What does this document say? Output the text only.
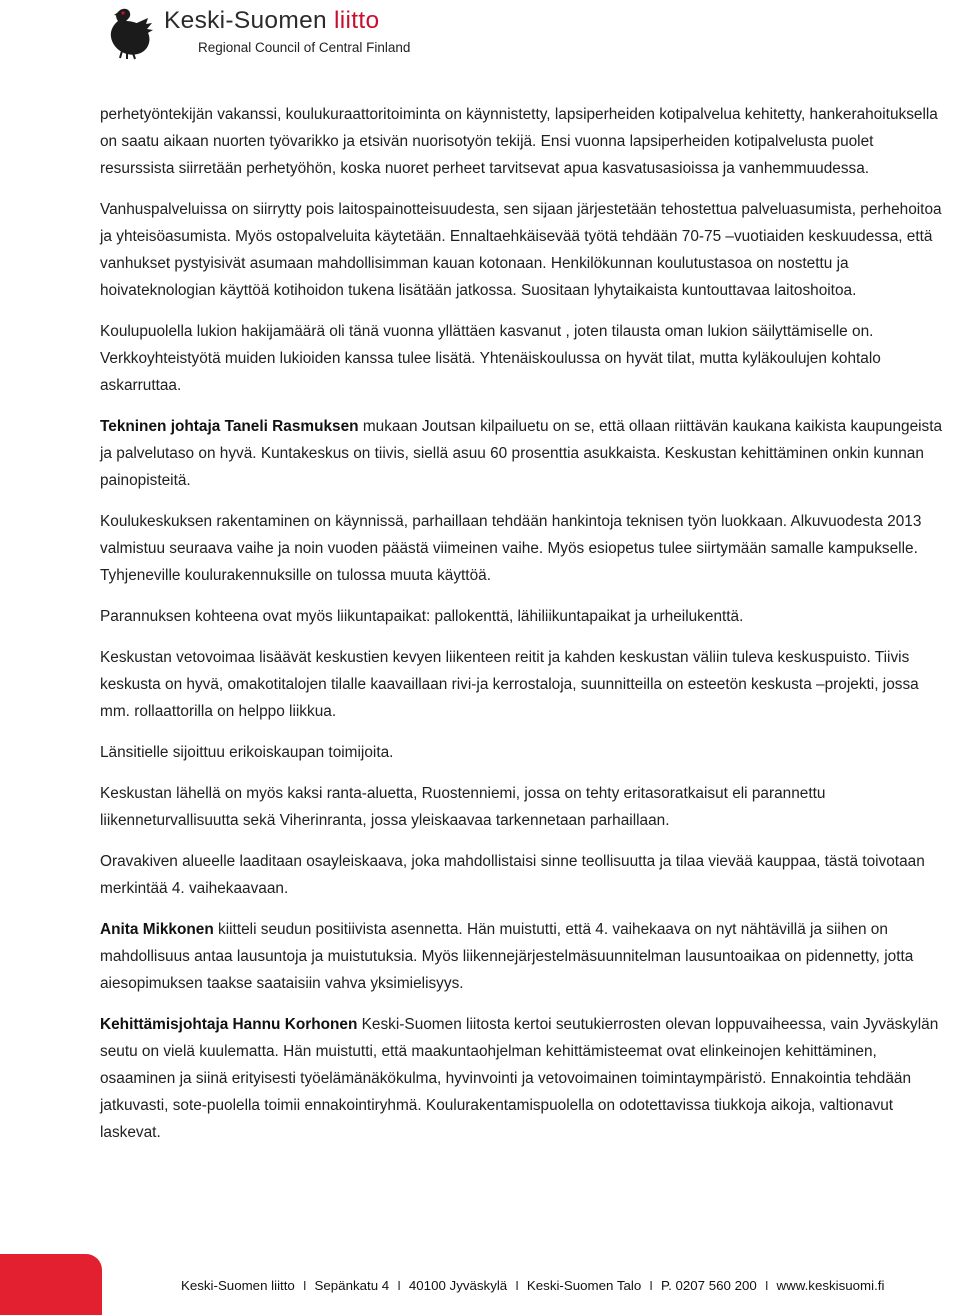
Keski-Suomen liitto
Regional Council of Central Finland

perhetyöntekijän vakanssi, koulukuraattoritoiminta on käynnistetty, lapsiperheiden kotipalvelua kehitetty, hankerahoituksella on saatu aikaan nuorten työvarikko ja etsivän nuorisotyön tekijä. Ensi vuonna lapsiperheiden kotipalvelusta puolet resurssista siirretään perhetyöhön, koska nuoret perheet tarvitsevat apua kasvatusasioissa ja vanhemmuudessa.

Vanhuspalveluissa on siirrytty pois laitospainotteisuudesta, sen sijaan järjestetään tehostettua palveluasumista, perhehoitoa ja yhteisöasumista. Myös ostopalveluita käytetään. Ennaltaehkäisevää työtä tehdään 70-75 –vuotiaiden keskuudessa, että vanhukset pystyisivät asumaan mahdollisimman kauan kotonaan. Henkilökunnan koulutustasoa on nostettu ja hoivateknologian käyttöä kotihoidon tukena lisätään jatkossa. Suositaan lyhytaikaista kuntouttavaa laitoshoitoa.

Koulupuolella lukion hakijamäärä oli tänä vuonna yllättäen kasvanut , joten tilausta oman lukion säilyttämiselle on. Verkkoyhteistyötä muiden lukioiden kanssa tulee lisätä. Yhtenäiskoulussa on hyvät tilat, mutta kyläkoulujen kohtalo askarruttaa.

Tekninen johtaja Taneli Rasmuksen mukaan Joutsan kilpailuetu on se, että ollaan riittävän kaukana kaikista kaupungeista ja palvelutaso on hyvä. Kuntakeskus on tiivis, siellä asuu 60 prosenttia asukkaista. Keskustan kehittäminen onkin kunnan painopisteitä.

Koulukeskuksen rakentaminen on käynnissä, parhaillaan tehdään hankintoja teknisen työn luokkaan. Alkuvuodesta 2013 valmistuu seuraava vaihe ja noin vuoden päästä viimeinen vaihe. Myös esiopetus tulee siirtymään samalle kampukselle. Tyhjeneville koulurakennuksille on tulossa muuta käyttöä.

Parannuksen kohteena ovat myös liikuntapaikat: pallokenttä, lähiliikuntapaikat ja urheilukenttä.

Keskustan vetovoimaa lisäävät keskustien kevyen liikenteen reitit ja kahden keskustan väliin tuleva keskuspuisto. Tiivis keskusta on hyvä, omakotitalojen tilalle kaavaillaan rivi-ja kerrostaloja, suunnitteilla on esteetön keskusta –projekti, jossa mm. rollaattorilla on helppo liikkua.

Länsitielle sijoittuu erikoiskaupan toimijoita.

Keskustan lähellä on myös kaksi ranta-aluetta, Ruostenniemi, jossa on tehty eritasoratkaisut eli parannettu liikenneturvallisuutta sekä Viherinranta, jossa yleiskaavaa tarkennetaan parhaillaan.

Oravakiven alueelle laaditaan osayleiskaava, joka mahdollistaisi sinne teollisuutta ja tilaa vievää kauppaa, tästä toivotaan merkintää 4. vaihekaavaan.

Anita Mikkonen kiitteli seudun positiivista asennetta. Hän muistutti, että 4. vaihekaava on nyt nähtävillä ja siihen on mahdollisuus antaa lausuntoja ja muistutuksia. Myös liikennejärjestelmäsuunnitelman lausuntoaikaa on pidennetty, jotta aiesopimuksen taakse saataisiin vahva yksimielisyys.

Kehittämisjohtaja Hannu Korhonen Keski-Suomen liitosta kertoi seutukierrosten olevan loppuvaiheessa, vain Jyväskylän seutu on vielä kuulematta. Hän muistutti, että maakuntaohjelman kehittämisteemat ovat elinkeinojen kehittäminen, osaaminen ja siinä erityisesti työelämänäkökulma, hyvinvointi ja vetovoimainen toimintaympäristö. Ennakointia tehdään jatkuvasti, sote-puolella toimii ennakointiryhmä. Koulurakentamispuolella on odotettavissa tiukkoja aikoja, valtionavut laskevat.

Keski-Suomen liitto I Sepänkatu 4 I 40100 Jyväskylä I Keski-Suomen Talo I P. 0207 560 200 I www.keskisuomi.fi
